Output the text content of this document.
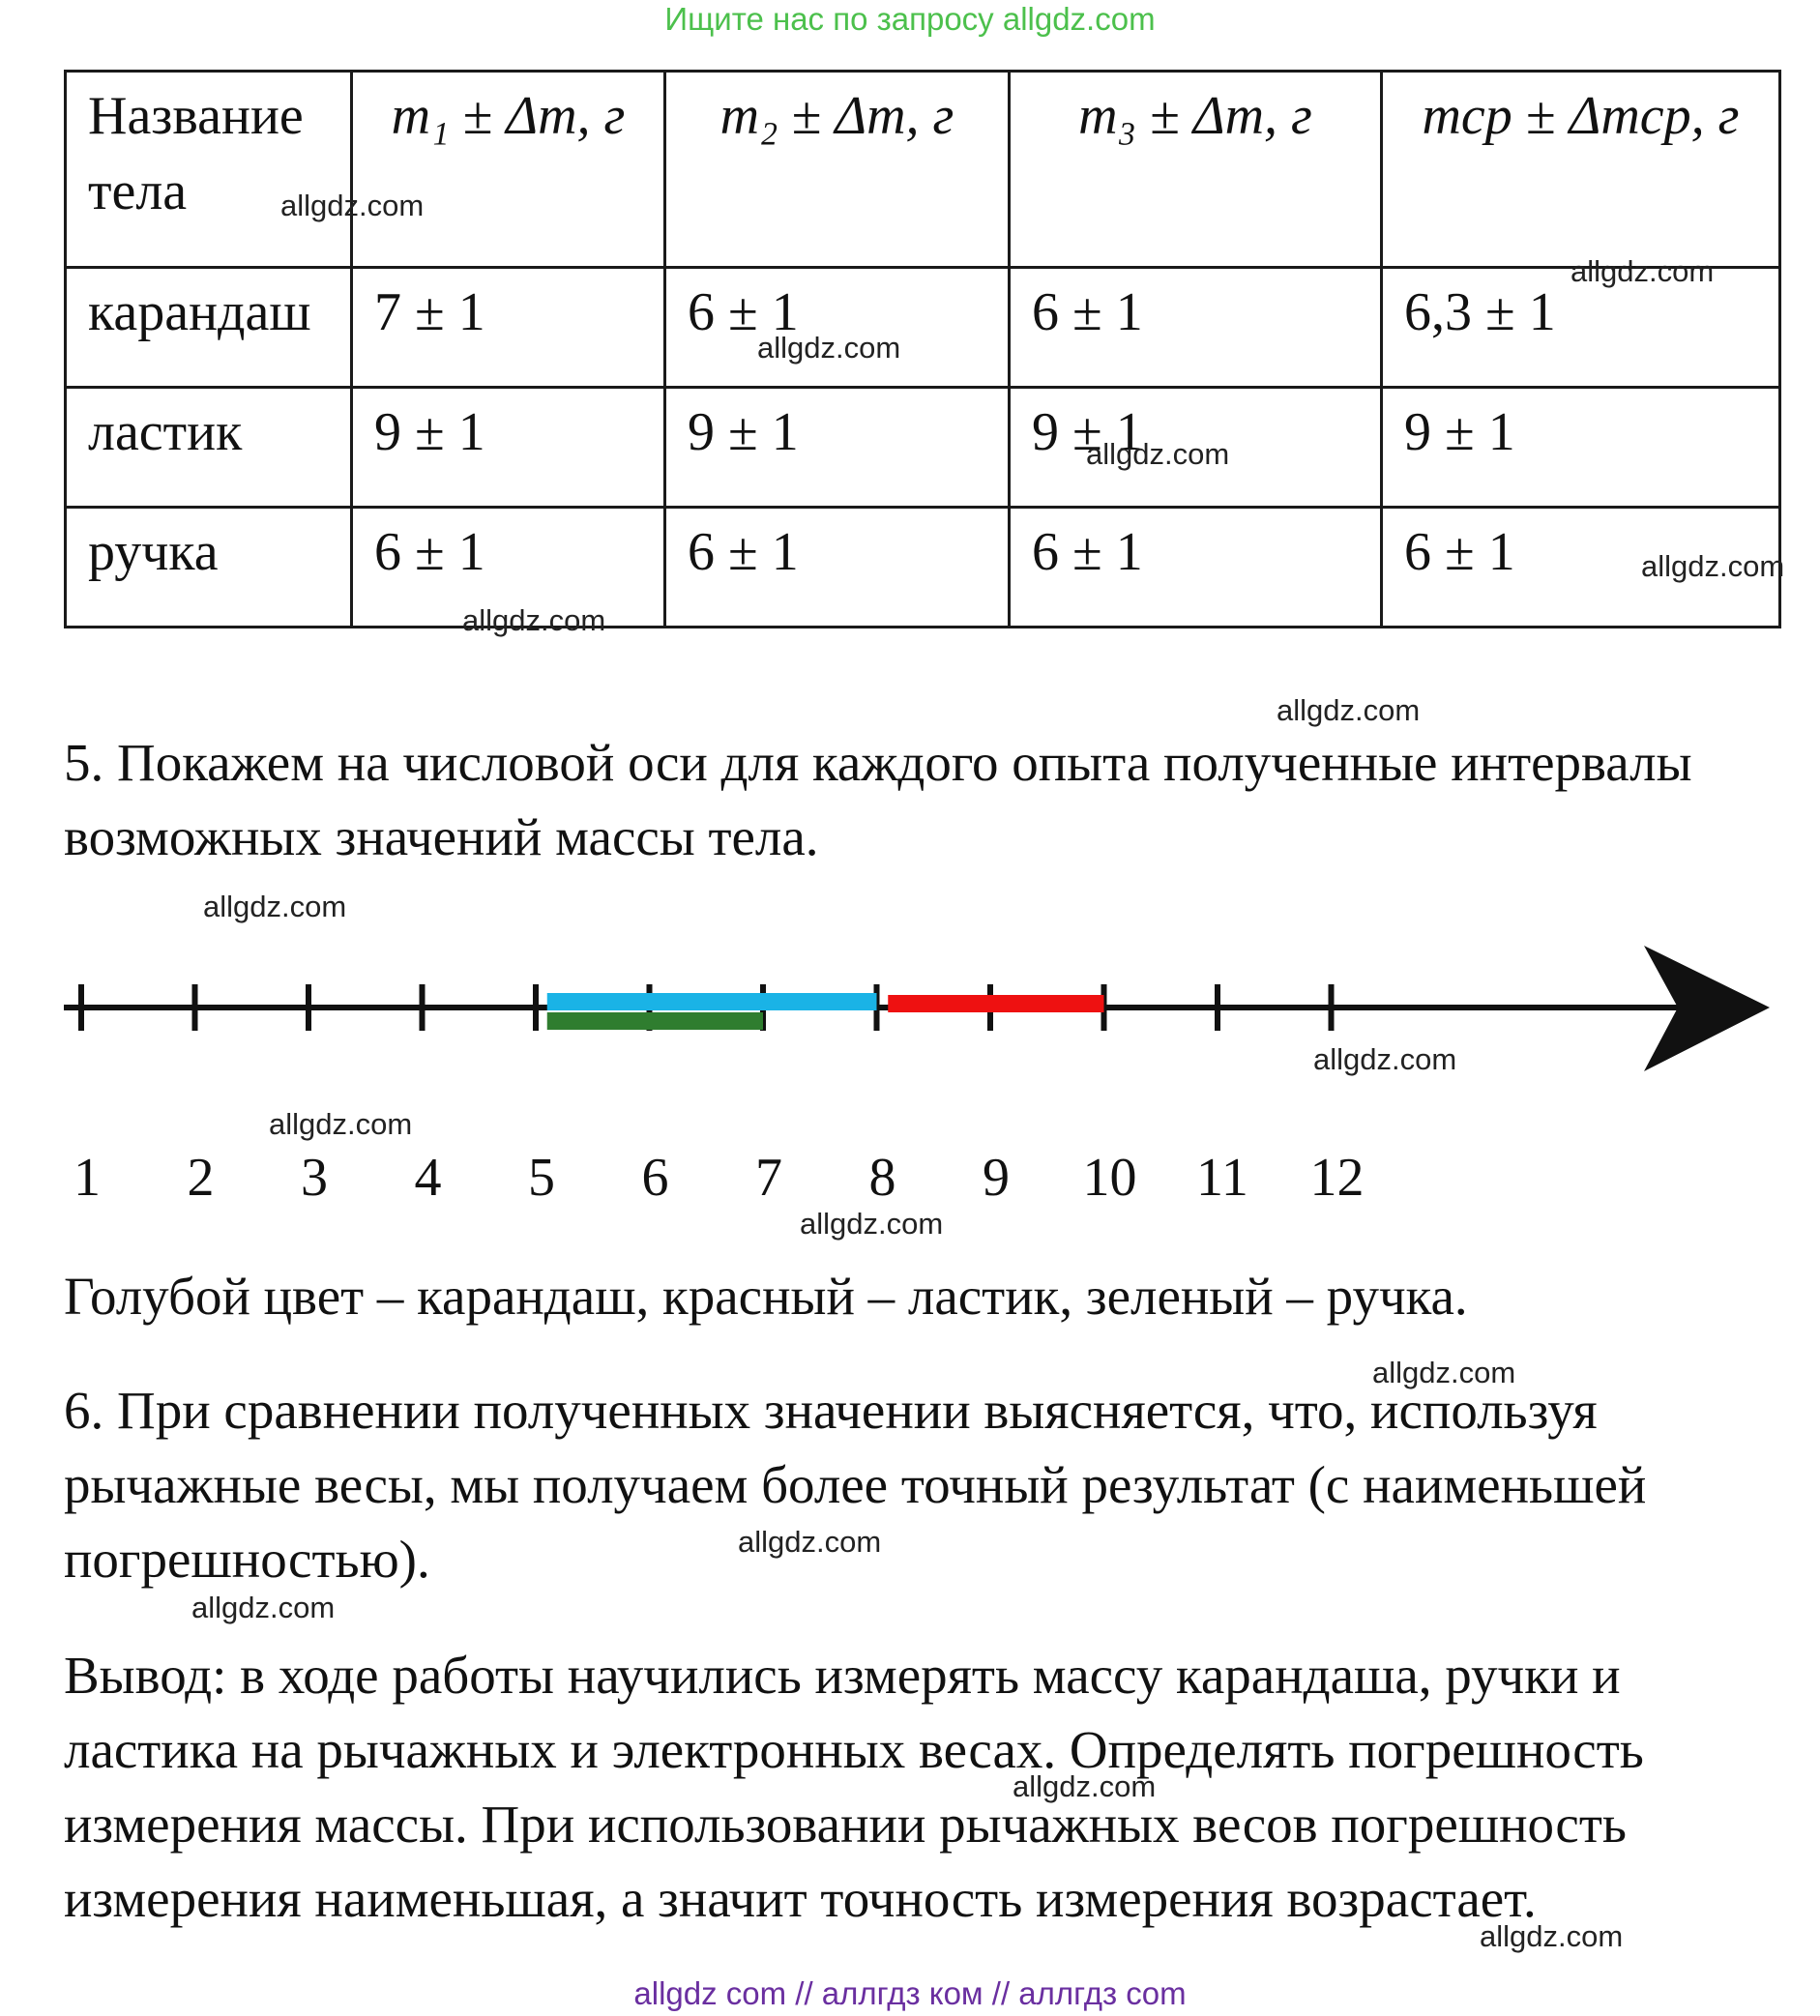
Ищите нас по запросу allgdz.com
Название тела	m₁ ± Δm, г	m₂ ± Δm, г	m₃ ± Δm, г	mср ± Δmср, г

карандаш	7 ± 1	6 ± 1	6 ± 1	6,3 ± 1
ластик	9 ± 1	9 ± 1	9 ± 1	9 ± 1
ручка	6 ± 1	6 ± 1	6 ± 1	6 ± 1

5. Покажем на числовой оси для каждого опыта полученные интервалы возможных значений массы тела.

1 2 3 4 5 6 7 8 9 10 11 12

Голубой цвет – карандаш, красный – ластик, зеленый – ручка.

6. При сравнении полученных значении выясняется, что, используя рычажные весы, мы получаем более точный результат (с наименьшей погрешностью).

Вывод: в ходе работы научились измерять массу карандаша, ручки и ластика на рычажных и электронных весах. Определять погрешность измерения массы. При использовании рычажных весов погрешность измерения наименьшая, а значит точность измерения возрастает.

allgdz.com
allgdz.com
allgdz.com
allgdz.com
allgdz.com
allgdz.com
allgdz.com
allgdz.com
allgdz.com
allgdz.com
allgdz.com
allgdz.com
allgdz.com
allgdz.com
allgdz.com
allgdz.com
allgdz com // аллгдз ком // аллгдз com
